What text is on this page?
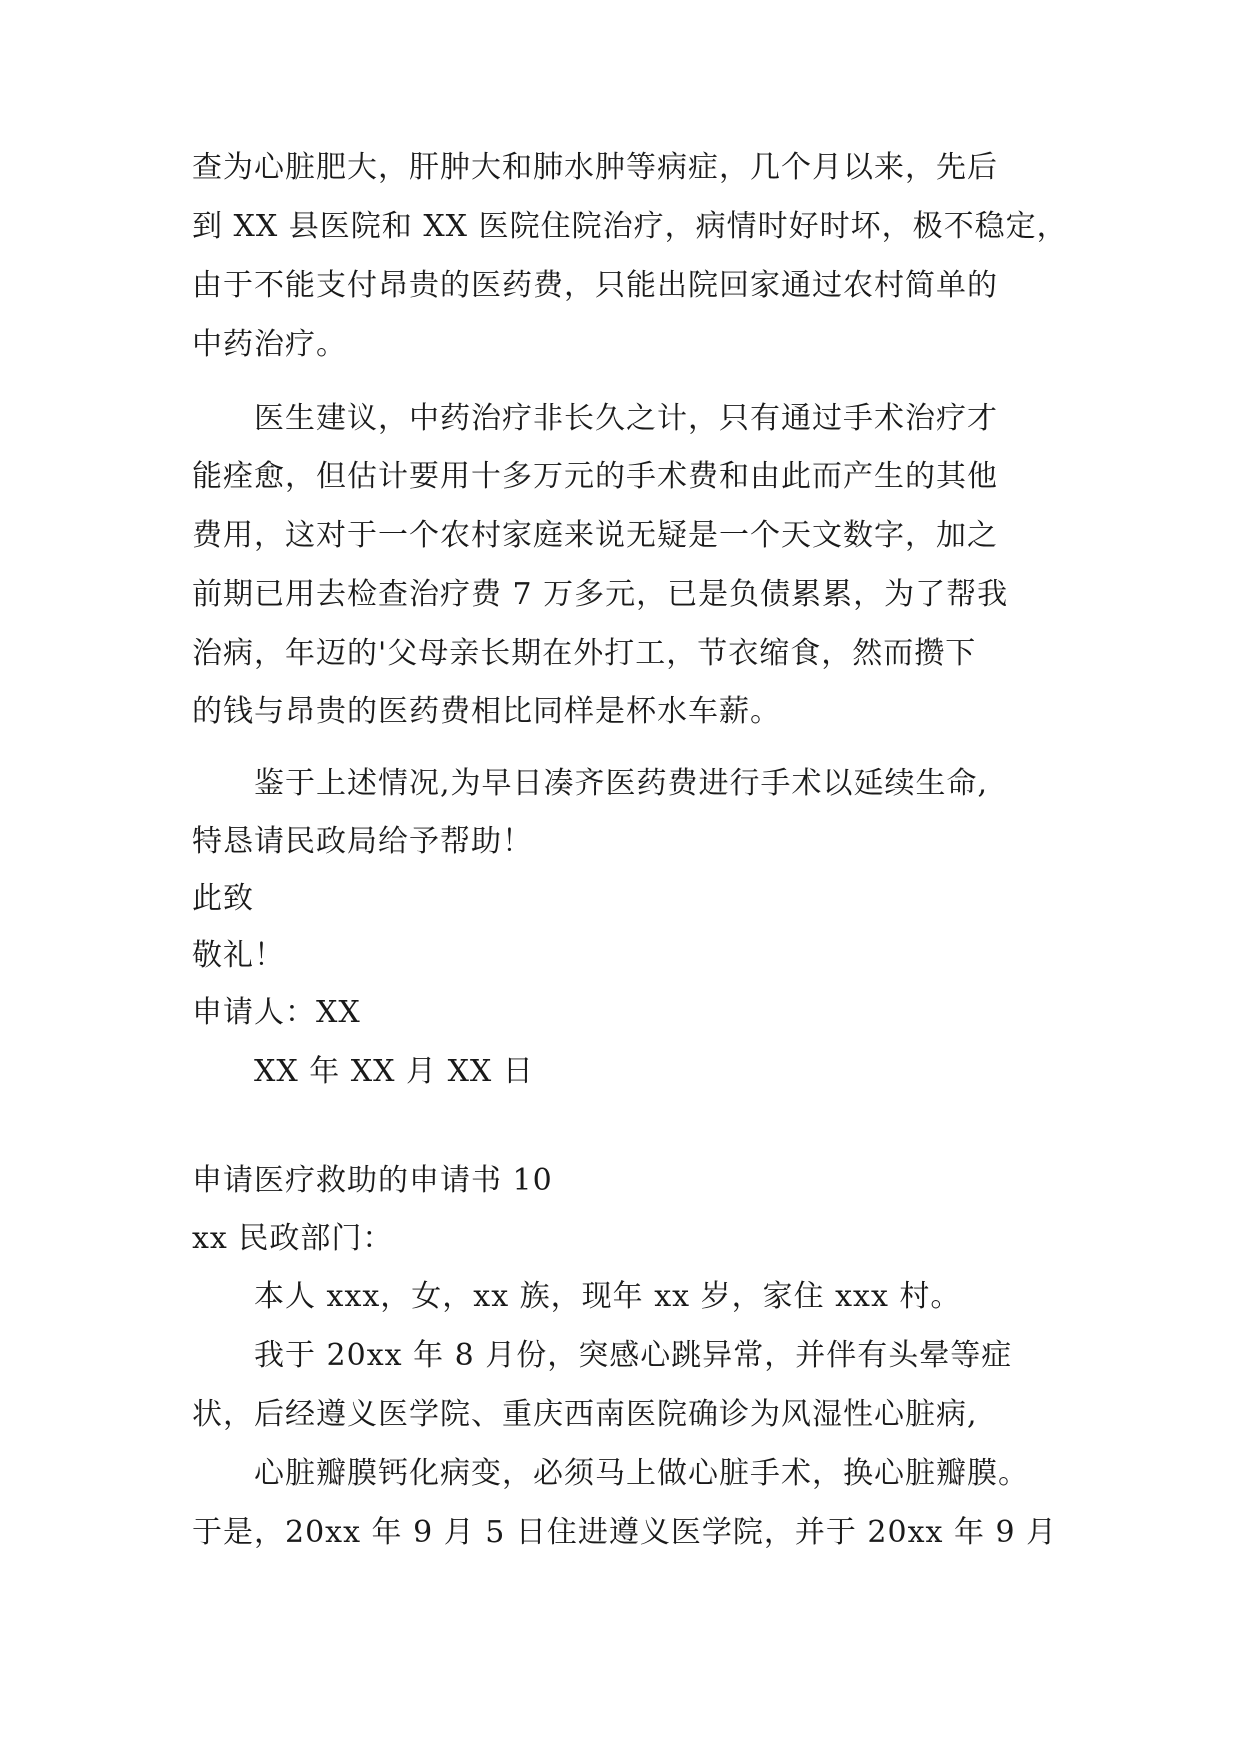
查为心脏肥大，肝肿大和肺水肿等病症，几个月以来，先后
到 XX 县医院和 XX 医院住院治疗，病情时好时坏，极不稳定，
由于不能支付昂贵的医药费，只能出院回家通过农村简单的
中药治疗。
医生建议，中药治疗非长久之计，只有通过手术治疗才
能痊愈，但估计要用十多万元的手术费和由此而产生的其他
费用，这对于一个农村家庭来说无疑是一个天文数字，加之
前期已用去检查治疗费 7 万多元，已是负债累累，为了帮我
治病，年迈的'父母亲长期在外打工，节衣缩食，然而攒下
的钱与昂贵的医药费相比同样是杯水车薪。
鉴于上述情况,为早日凑齐医药费进行手术以延续生命,
特恳请民政局给予帮助！
此致
敬礼！
申请人：XX
XX 年 XX 月 XX 日
申请医疗救助的申请书 10
xx 民政部门：
本人 xxx，女，xx 族，现年 xx 岁，家住 xxx 村。
我于 20xx 年 8 月份，突感心跳异常，并伴有头晕等症
状，后经遵义医学院、重庆西南医院确诊为风湿性心脏病,
心脏瓣膜钙化病变，必须马上做心脏手术，换心脏瓣膜。
于是，20xx 年 9 月 5 日住进遵义医学院，并于 20xx 年 9 月
